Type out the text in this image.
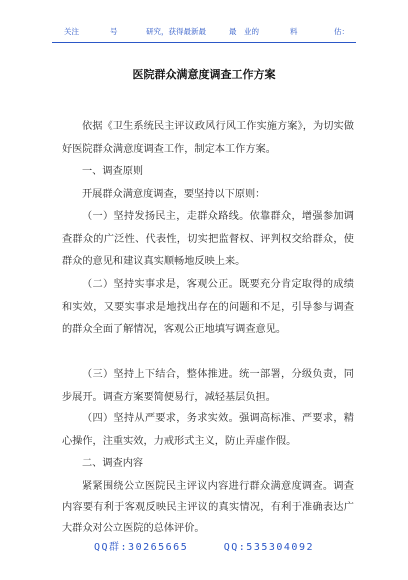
关注	号	研究，获得最新最	最 业的	料	估：
医院群众满意度调查工作方案
依据《卫生系统民主评议政风行风工作实施方案》，为切实做好医院群众满意度调查工作，制定本工作方案。
一、调查原则
开展群众满意度调查，要坚持以下原则：
（一）坚持发扬民主，走群众路线。依靠群众，增强参加调查群众的广泛性、代表性，切实把监督权、评判权交给群众，使群众的意见和建议真实顺畅地反映上来。
（二）坚持实事求是，客观公正。既要充分肯定取得的成绩和实效，又要实事求是地找出存在的问题和不足，引导参与调查的群众全面了解情况，客观公正地填写调查意见。
（三）坚持上下结合，整体推进。统一部署，分级负责，同步展开。调查方案要简便易行，减轻基层负担。
（四）坚持从严要求，务求实效。强调高标准、严要求，精心操作，注重实效，力戒形式主义，防止弄虚作假。
二、调查内容
紧紧围绕公立医院民主评议内容进行群众满意度调查。调查内容要有利于客观反映民主评议的真实情况，有利于准确表达广大群众对公立医院的总体评价。
QQ群:30265665	QQ:535304092
